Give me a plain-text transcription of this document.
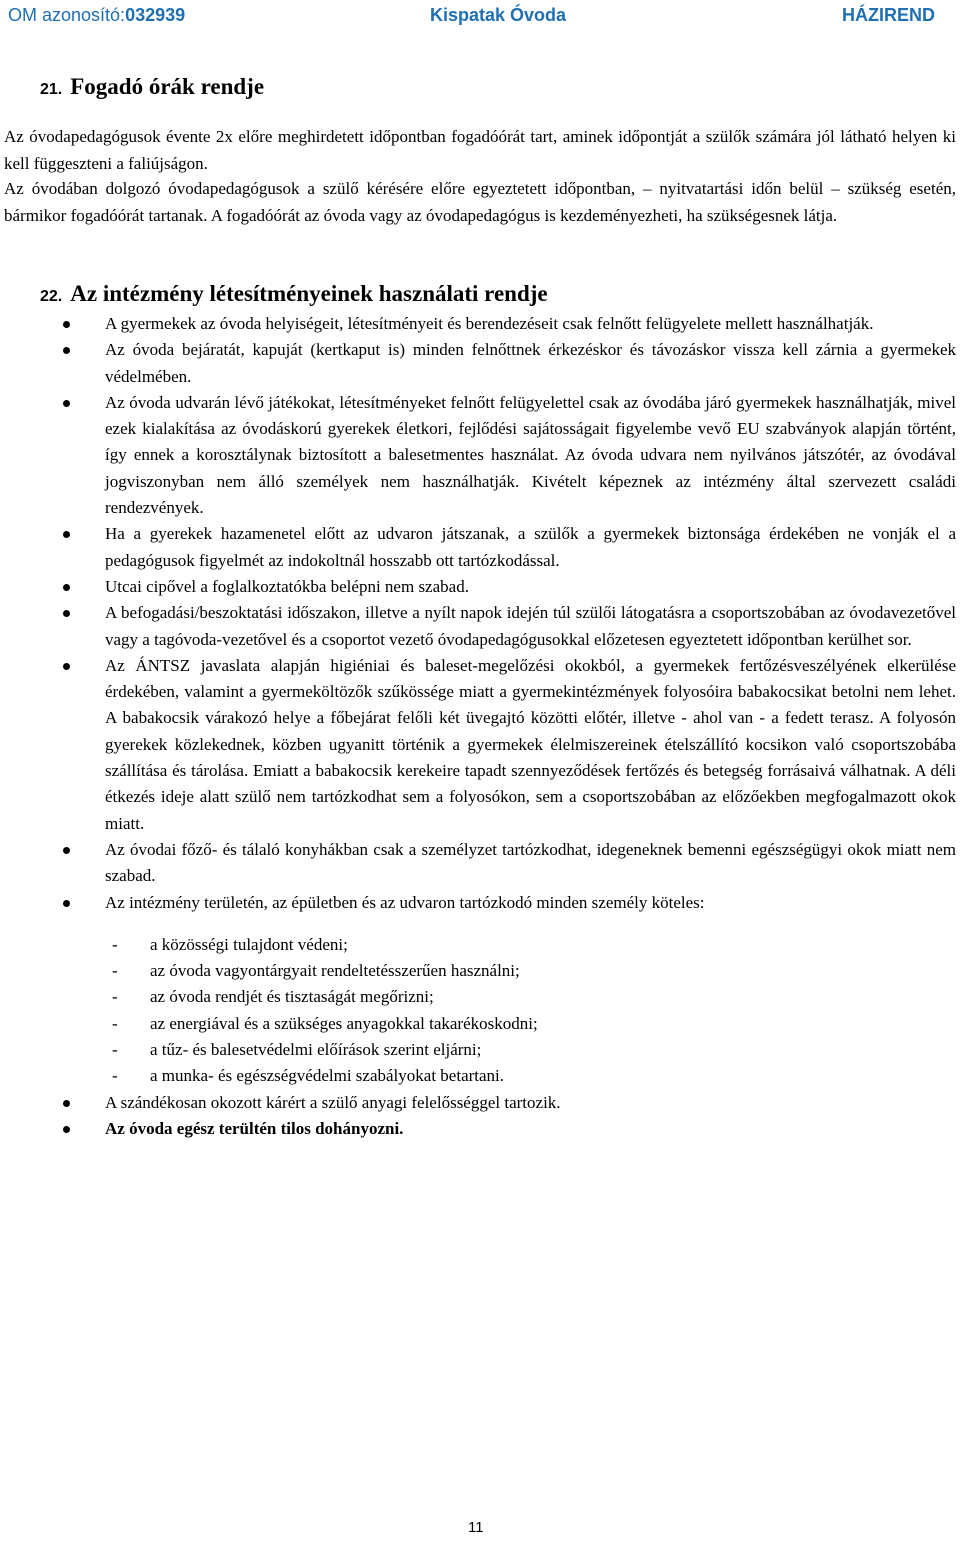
OM azonosító:032939	Kispatak Óvoda	HÁZIREND
21. Fogadó órák rendje

Az óvodapedagógusok évente 2x előre meghirdetett időpontban fogadóórát tart, aminek időpontját a szülők számára jól látható helyen ki kell függeszteni a faliújságon.

Az óvodában dolgozó óvodapedagógusok a szülő kérésére előre egyeztetett időpontban, – nyitvatartási időn belül – szükség esetén, bármikor fogadóórát tartanak. A fogadóórát az óvoda vagy az óvodapedagógus is kezdeményezheti, ha szükségesnek látja.

22. Az intézmény létesítményeinek használati rendje
A gyermekek az óvoda helyiségeit, létesítményeit és berendezéseit csak felnőtt felügyelete mellett használhatják.
Az óvoda bejáratát, kapuját (kertkaput is) minden felnőttnek érkezéskor és távozáskor vissza kell zárnia a gyermekek védelmében.
Az óvoda udvarán lévő játékokat, létesítményeket felnőtt felügyelettel csak az óvodába járó gyermekek használhatják, mivel ezek kialakítása az óvodáskorú gyerekek életkori, fejlődési sajátosságait figyelembe vevő EU szabványok alapján történt, így ennek a korosztálynak biztosított a balesetmentes használat. Az óvoda udvara nem nyilvános játszótér, az óvodával jogviszonyban nem álló személyek nem használhatják. Kivételt képeznek az intézmény által szervezett családi rendezvények.
Ha a gyerekek hazamenetel előtt az udvaron játszanak, a szülők a gyermekek biztonsága érdekében ne vonják el a pedagógusok figyelmét az indokoltnál hosszabb ott tartózkodással.
Utcai cipővel a foglalkoztatókba belépni nem szabad.
A befogadási/beszoktatási időszakon, illetve a nyílt napok idején túl szülői látogatásra a csoportszobában az óvodavezetővel vagy a tagóvoda-vezetővel és a csoportot vezető óvodapedagógusokkal előzetesen egyeztetett időpontban kerülhet sor.
Az ÁNTSZ javaslata alapján higiéniai és baleset-megelőzési okokból, a gyermekek fertőzésveszélyének elkerülése érdekében, valamint a gyermeköltözők szűkössége miatt a gyermekintézmények folyosóira babakocsikat betolni nem lehet. A babakocsik várakozó helye a főbejárat felőli két üvegajtó közötti előtér, illetve - ahol van - a fedett terasz. A folyosón gyerekek közlekednek, közben ugyanitt történik a gyermekek élelmiszereinek ételszállító kocsikon való csoportszobába szállítása és tárolása. Emiatt a babakocsik kerekeire tapadt szennyeződések fertőzés és betegség forrásaivá válhatnak. A déli étkezés ideje alatt szülő nem tartózkodhat sem a folyosókon, sem a csoportszobában az előzőekben megfogalmazott okok miatt.
Az óvodai főző- és tálaló konyhákban csak a személyzet tartózkodhat, idegeneknek bemenni egészségügyi okok miatt nem szabad.
Az intézmény területén, az épületben és az udvaron tartózkodó minden személy köteles:
- a közösségi tulajdont védeni;
- az óvoda vagyontárgyait rendeltetésszerűen használni;
- az óvoda rendjét és tisztaságát megőrizni;
- az energiával és a szükséges anyagokkal takarékoskodni;
- a tűz- és balesetvédelmi előírások szerint eljárni;
- a munka- és egészségvédelmi szabályokat betartani.
A szándékosan okozott kárért a szülő anyagi felelősséggel tartozik.
Az óvoda egész terültén tilos dohányozni.
11
